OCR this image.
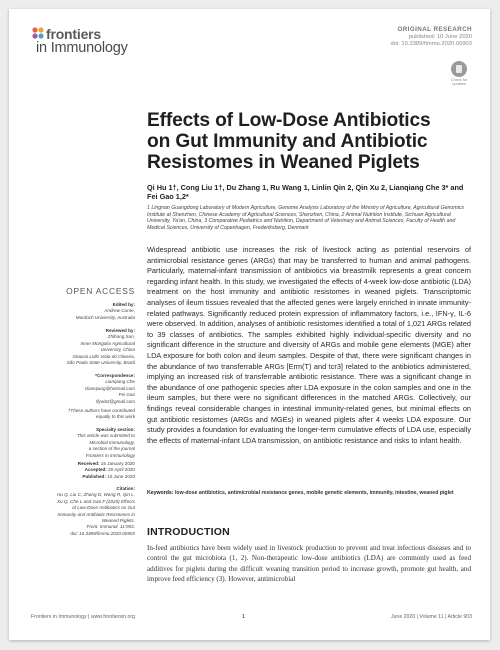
frontiers
in Immunology
ORIGINAL RESEARCH
published: 10 June 2020
doi: 10.3389/fimmu.2020.00903
Check for updates
Effects of Low-Dose Antibiotics on Gut Immunity and Antibiotic Resistomes in Weaned Piglets
Qi Hu 1†, Cong Liu 1†, Du Zhang 1, Ru Wang 1, Linlin Qin 2, Qin Xu 2, Lianqiang Che 3* and Fei Gao 1,2*
1 Lingnan Guangdong Laboratory of Modern Agriculture, Genome Analysis Laboratory of the Ministry of Agriculture, Agricultural Genomics Institute at Shenzhen, Chinese Academy of Agricultural Sciences, Shenzhen, China, 2 Animal Nutrition Institute, Sichuan Agricultural University, Ya'an, China, 3 Comparative Pediatrics and Nutrition, Department of Veterinary and Animal Sciences, Faculty of Health and Medical Sciences, University of Copenhagen, Frederiksberg, Denmark
Widespread antibiotic use increases the risk of livestock acting as potential reservoirs of antimicrobial resistance genes (ARGs) that may be transferred to human and animal pathogens. Particularly, maternal-infant transmission of antibiotics via breastmilk represents a great concern regarding infant health. In this study, we investigated the effects of 4-week low-dose antibiotic (LDA) treatment on the host immunity and antibiotic resistomes in weaned piglets. Transcriptomic analyses of ileum tissues revealed that the affected genes were largely enriched in innate immunity-related pathways. Significantly reduced protein expression of inflammatory factors, i.e., IFN-γ, IL-6 were observed. In addition, analyses of antibiotic resistomes identified a total of 1,021 ARGs related to 39 classes of antibiotics. The samples exhibited highly individual-specific diversity and no significant difference in the structure and diversity of ARGs and mobile gene elements (MGE) after LDA exposure for both colon and ileum samples. Despite of that, there were significant changes in the abundance of two transferrable ARGs [Erm(T) and tcr3] related to the antibiotics administered, implying an increased risk of transferrable antibiotic resistance. There was a significant change in the abundance of one pathogenic species after LDA exposure in the colon samples and one in the ileum samples, but there were no significant differences in the matched ARGs. Collectively, our findings reveal considerable changes in intestinal immunity-related genes, but minimal effects on gut antibiotic resistomes (ARGs and MGEs) in weaned piglets after 4 weeks LDA exposure. Our study provides a foundation for evaluating the longer-term cumulative effects of LDA use, especially the effects of maternal-infant LDA transmission, on antibiotic resistance and risks to infant health.
Keywords: low-dose antibiotics, antimicrobial resistance genes, mobile genetic elements, immunity, intestine, weaned piglet
INTRODUCTION
In-feed antibiotics have been widely used in livestock production to prevent and treat infectious diseases and to control the gut microbiota (1, 2). Non-therapeutic low-dose antibiotics (LDA) are commonly used as feed additives for piglets during the difficult weaning transition period to increase growth, promote gut health, and improve feed efficiency (3). However, antimicrobial
OPEN ACCESS
Edited by:
Andrew Currie,
Murdoch University, Australia
Reviewed by:
Zhihong Sun,
Inner Mongolia Agricultural
University, China
Glaucia Lollo Viola do Oliveira,
São Paulo State University, Brazil
*Correspondence:
Lianqiang Che
clianqiang@hotmail.com
Fei Gao
flyoi82@gmail.com
†These authors have contributed
equally to this work
Specialty section:
This article was submitted to
Microbial Immunology,
a section of the journal
Frontiers in Immunology
Received: 15 January 2020
Accepted: 20 April 2020
Published: 10 June 2020
Citation:
Hu Q, Liu C, Zhang D, Wang R, Qin L,
Xu Q, Che L and Gao F (2020) Effects
of Low-Dose Antibiotics on Gut
Immunity and Antibiotic Resistomes in
Weaned Piglets.
Front. Immunol. 11:903.
doi: 10.3389/fimmu.2020.00903
Frontiers in Immunology | www.frontiersin.org	1	June 2020 | Volume 11 | Article 903
